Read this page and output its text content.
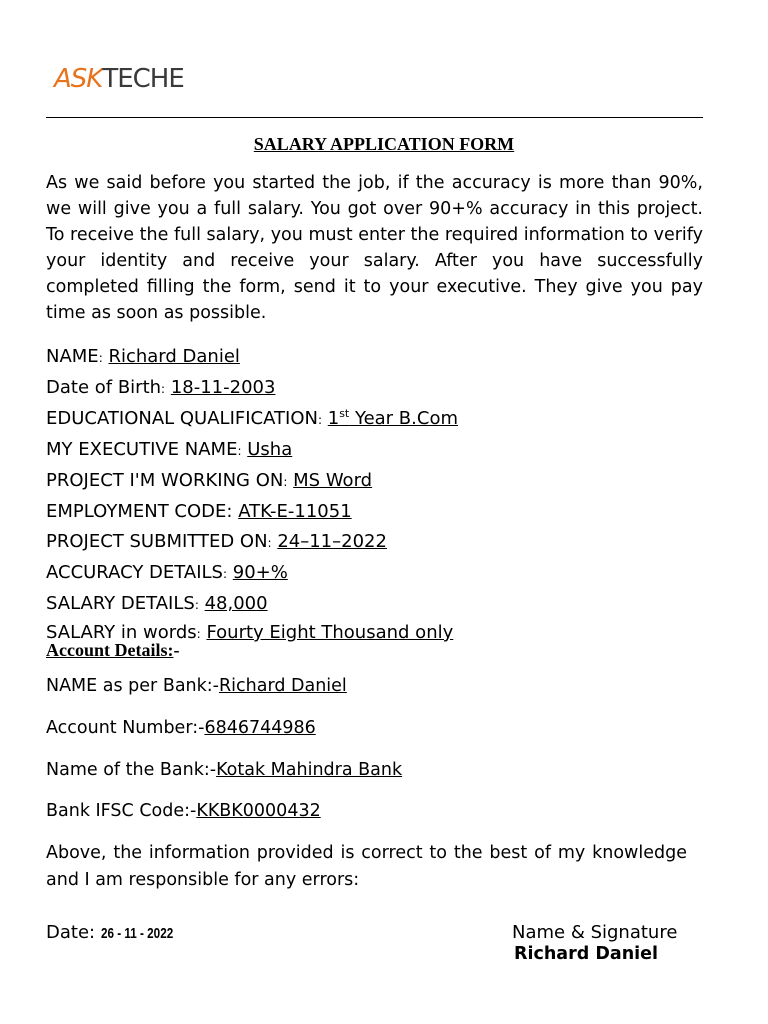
ASKTECHE
SALARY APPLICATION FORM
As we said before you started the job, if the accuracy is more than 90%, we will give you a full salary. You got over 90+% accuracy in this project. To receive the full salary, you must enter the required information to verify your identity and receive your salary. After you have successfully completed filling the form, send it to your executive. They give you pay time as soon as possible.
NAME: Richard Daniel
Date of Birth: 18-11-2003
EDUCATIONAL QUALIFICATION: 1st Year B.Com
MY EXECUTIVE NAME: Usha
PROJECT I'M WORKING ON: MS Word
EMPLOYMENT CODE: ATK-E-11051
PROJECT SUBMITTED ON: 24–11–2022
ACCURACY DETAILS: 90+%
SALARY DETAILS: 48,000
SALARY in words: Fourty Eight Thousand only
Account Details:-
NAME as per Bank:-Richard Daniel
Account Number:-6846744986
Name of the Bank:-Kotak Mahindra Bank
Bank IFSC Code:-KKBK0000432
Above, the information provided is correct to the best of my knowledge and I am responsible for any errors:
Date: 26 - 11 - 2022	Name & Signature
Richard Daniel
